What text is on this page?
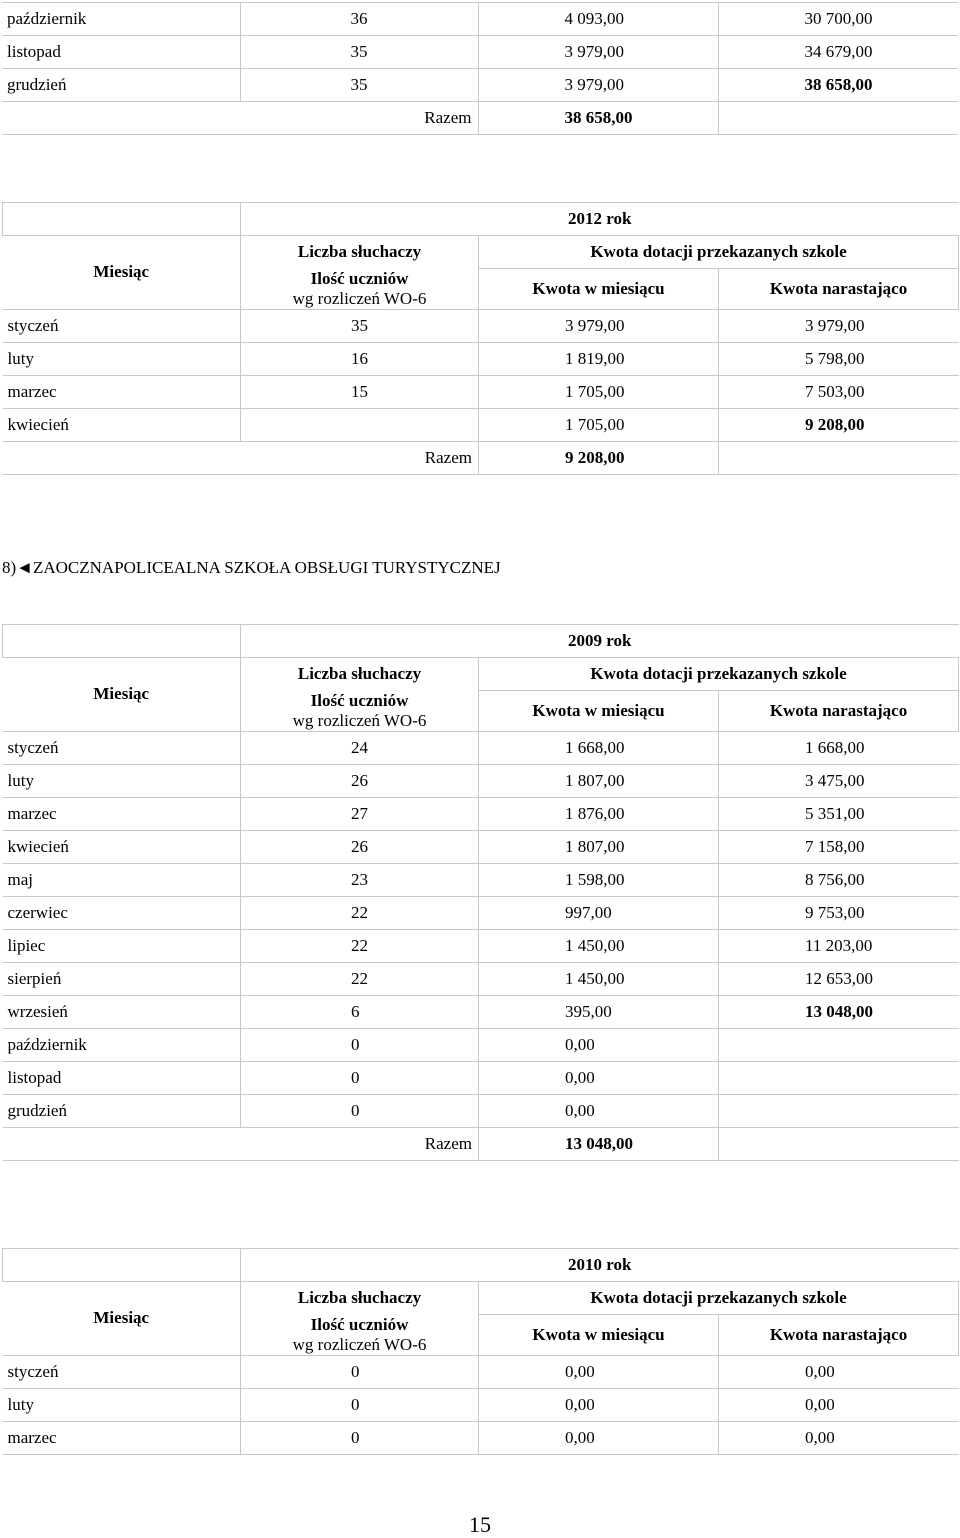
październik	36	4 093,00	30 700,00
listopad	35	3 979,00	34 679,00
grudzień	35	3 979,00	38 658,00
	Razem	38 658,00	
	2012 rok		
Miesiąc	Liczba słuchaczy	Kwota dotacji przekazanych szkole	

	Ilość uczniów
wg rozliczeń WO-6	Kwota w miesiącu	Kwota narastająco
styczeń	35	3 979,00	3 979,00
luty	16	1 819,00	5 798,00
marzec	15	1 705,00	7 503,00
kwiecień		1 705,00	9 208,00
	Razem	9 208,00	
8)◄ZAOCZNAPOLICEALNA SZKOŁA OBSŁUGI TURYSTYCZNEJ
	2009 rok		
Miesiąc	Liczba słuchaczy	Kwota dotacji przekazanych szkole	

	Ilość uczniów
wg rozliczeń WO-6	Kwota w miesiącu	Kwota narastająco
styczeń	24	1 668,00	1 668,00
luty	26	1 807,00	3 475,00
marzec	27	1 876,00	5 351,00
kwiecień	26	1 807,00	7 158,00
maj	23	1 598,00	8 756,00
czerwiec	22	997,00	9 753,00
lipiec	22	1 450,00	11 203,00
sierpień	22	1 450,00	12 653,00
wrzesień	6	395,00	13 048,00
październik	0	0,00	
listopad	0	0,00	
grudzień	0	0,00	
	Razem	13 048,00	
	2010 rok		
Miesiąc	Liczba słuchaczy	Kwota dotacji przekazanych szkole	

	Ilość uczniów
wg rozliczeń WO-6	Kwota w miesiącu	Kwota narastająco
styczeń	0	0,00	0,00
luty	0	0,00	0,00
marzec	0	0,00	0,00
15
